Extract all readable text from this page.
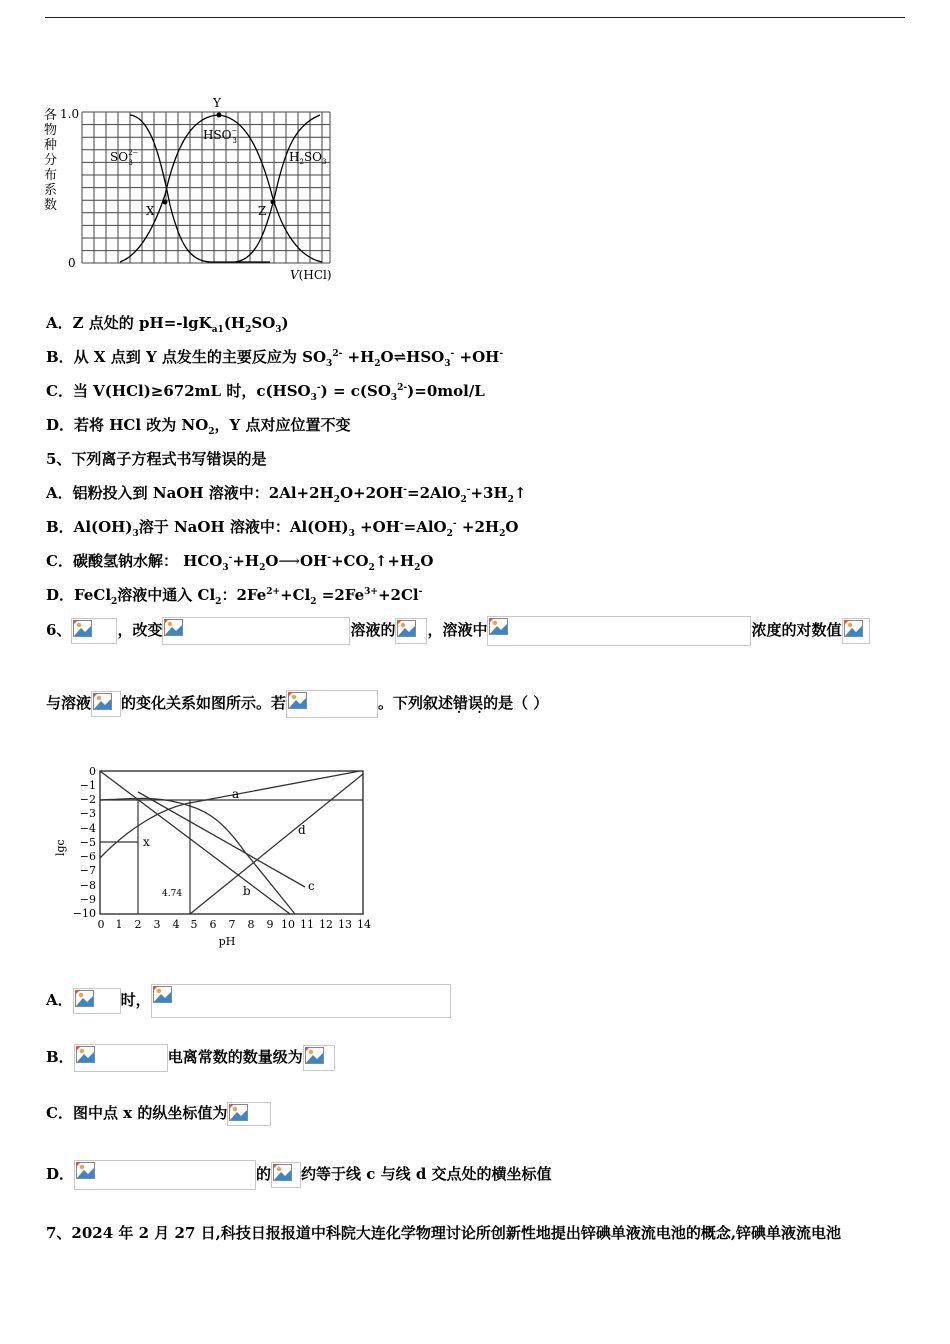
1.0
0
Y
X	Z
$SO^{2-}$ 3
HSO− 3
$H_2SO_3$
V(HCl)
各物种分布系数
A．Z 点处的 $pH=-\lg K_{a1}(H_2SO_3)$
B．从 X 点到 Y 点发生的主要反应为 $SO_3^{2-}$ $+H_2O\rightleftharpoons HSO_3^- +OH^-$
C．当 V(HCl)≥672mL 时，$c(HSO_3^-) = c(SO_3^{2-})=0mol/L$
D．若将 HCl 改为 $NO_2$，Y 点对应位置不变
5、下列离子方程式书写错误的是
A．铝粉投入到 NaOH 溶液中：$2Al+2H_2O+2OH^-=2AlO_2^-+3H_2↑$
B．$Al(OH)_3$溶于 NaOH 溶液中：$Al(OH)_3 +OH^-=AlO_2^- +2H_2O$
C．碳酸氢钠水解： $HCO_3^-+H_2O⟶OH^-+CO_2↑+H_2O$
D．FeCl$_2$溶液中通入 $Cl_2$：$2Fe^{2+}+Cl_2 =2Fe^{3+}+2Cl^-$
6、	，改变	溶液的 ，溶液中	浓度的对数值
与溶液 的变化关系如图所示。若	。下列叙述错误 · ·的是（ ）
0
−1
−2
−3
−4
−5
−6
−7
−8
−9
−10
0 1 2 3 4 5 6 7 8 9 10 11 12 13 14
pH
lgc
a
b	c
d
x
4.74
A．	时，
B．	电离常数的数量级为
C．图中点 x 的纵坐标值为
D．	的 约等于线 c 与线 d 交点处的横坐标值
7、2024 年 2 月 27 日,科技日报报道中科院大连化学物理讨论所创新性地提出锌碘单液流电池的概念,锌碘单液流电池
